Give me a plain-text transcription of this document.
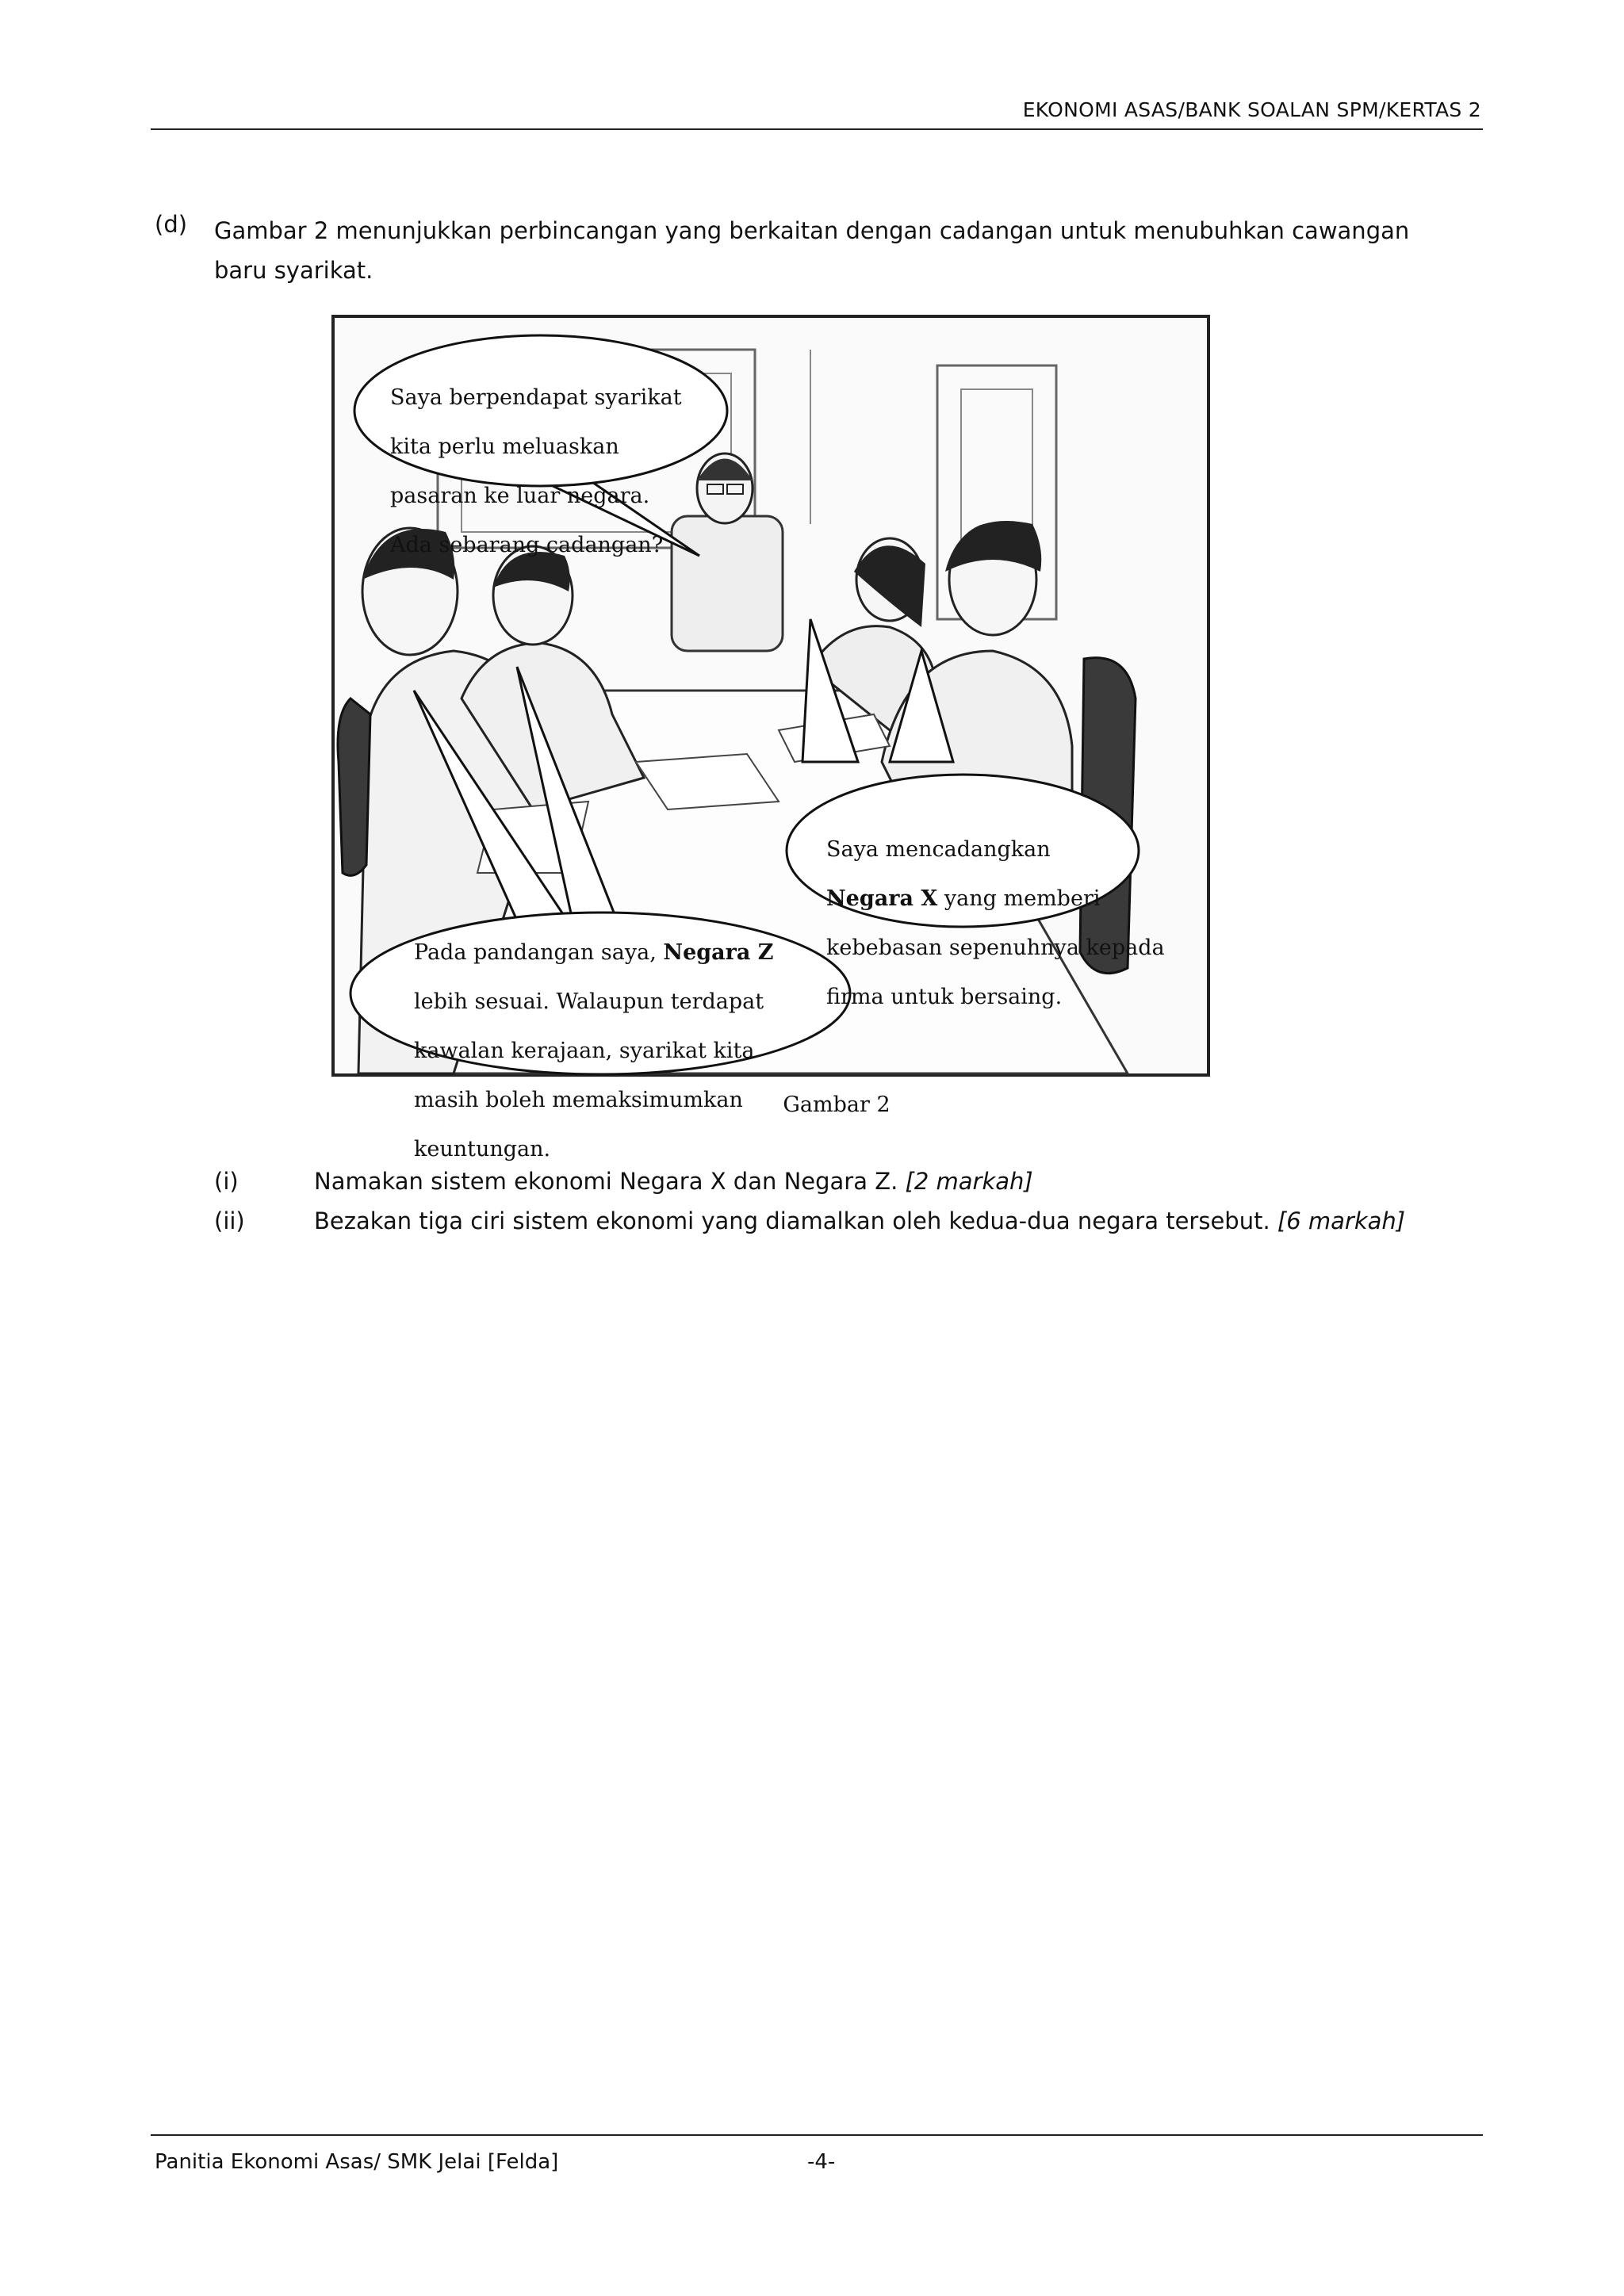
EKONOMI ASAS/BANK SOALAN SPM/KERTAS 2
(d) Gambar 2 menunjukkan perbincangan yang berkaitan dengan cadangan untuk menubuhkan cawangan baru syarikat.

Saya berpendapat syarikat

kita perlu meluaskan

pasaran ke luar negara.

Ada sebarang cadangan?

Saya mencadangkan

Negara X yang memberi

kebebasan sepenuhnya kepada

firma untuk bersaing.

Pada pandangan saya, Negara Z

lebih sesuai. Walaupun terdapat

kawalan kerajaan, syarikat kita

masih boleh memaksimumkan

keuntungan.

Gambar 2
(i)	Namakan sistem ekonomi Negara X dan Negara Z. [2 markah]
(ii)	Bezakan tiga ciri sistem ekonomi yang diamalkan oleh kedua-dua negara tersebut. [6 markah]
Panitia Ekonomi Asas/ SMK Jelai [Felda]	-4-
